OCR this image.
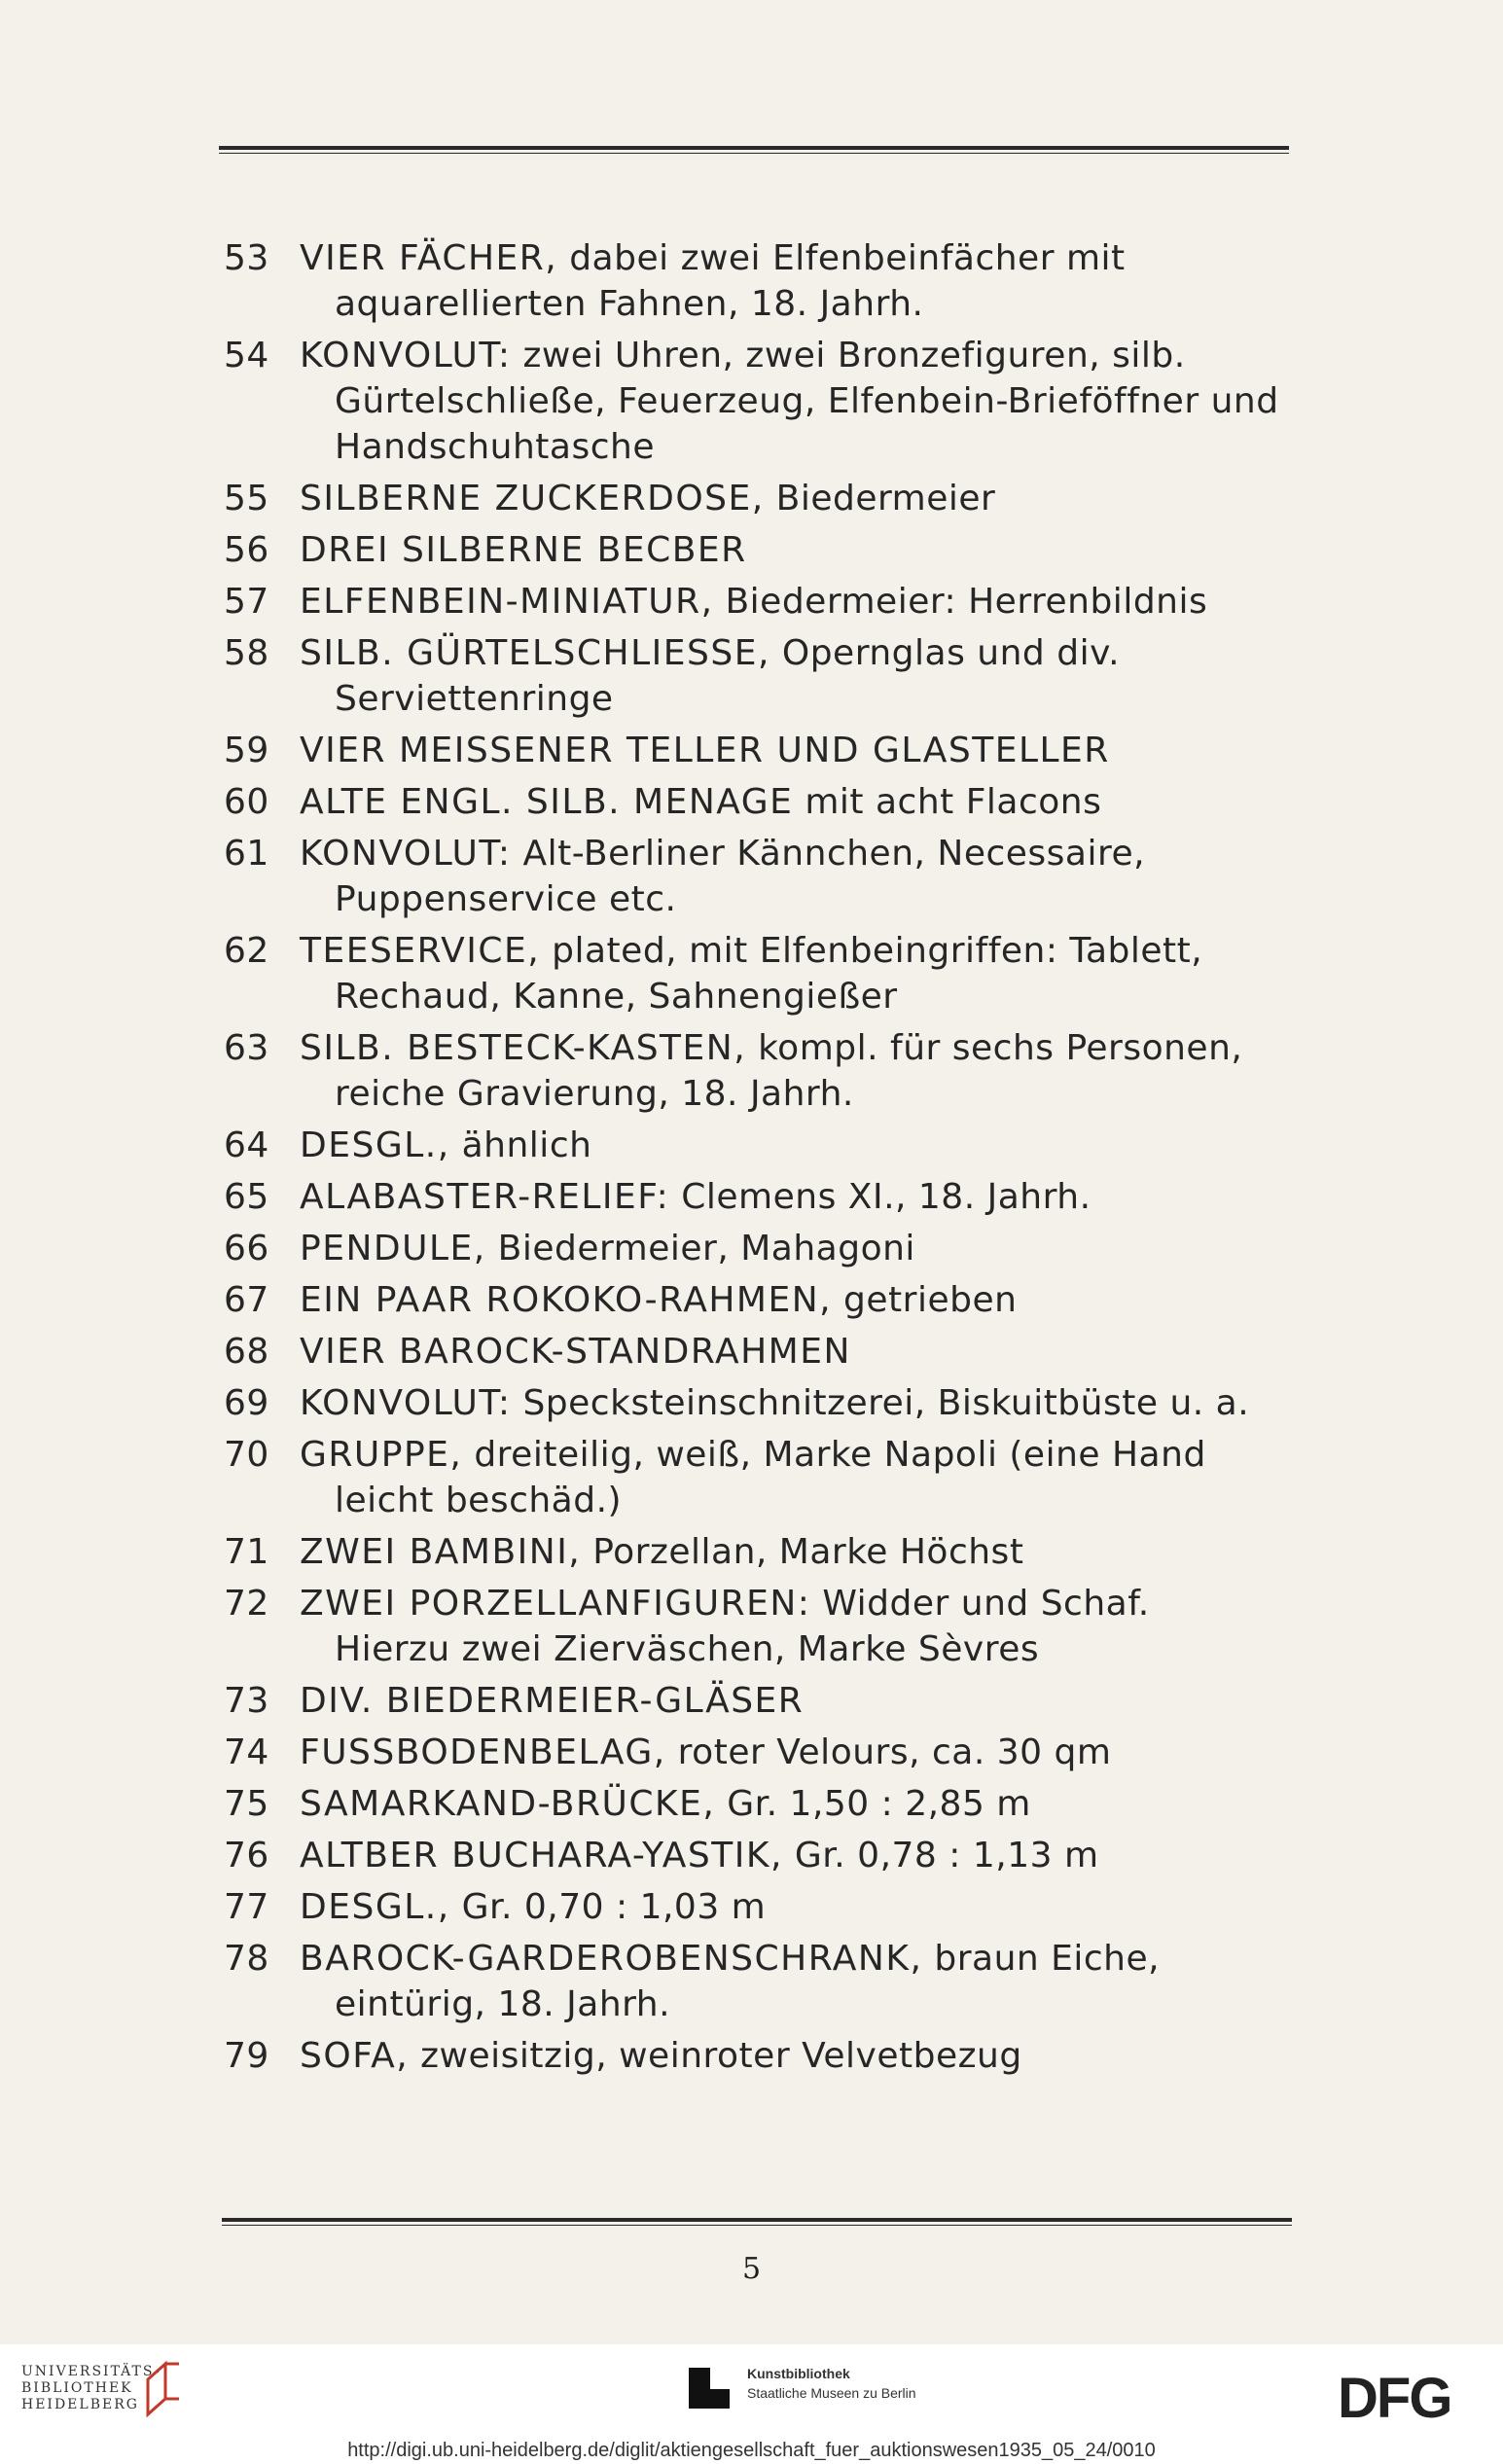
53 VIER FÄCHER, dabei zwei Elfenbeinfächer mit
aquarellierten Fahnen, 18. Jahrh.
54 KONVOLUT: zwei Uhren, zwei Bronzefiguren, silb.
Gürtelschließe, Feuerzeug, Elfenbein-Brieföffner und
Handschuhtasche
55 SILBERNE ZUCKERDOSE, Biedermeier
56 DREI SILBERNE BECBER
57 ELFENBEIN-MINIATUR, Biedermeier: Herrenbildnis
58 SILB. GÜRTELSCHLIESSE, Opernglas und div.
Serviettenringe
59 VIER MEISSENER TELLER UND GLASTELLER
60 ALTE ENGL. SILB. MENAGE mit acht Flacons
61 KONVOLUT: Alt-Berliner Kännchen, Necessaire,
Puppenservice etc.
62 TEESERVICE, plated, mit Elfenbeingriffen: Tablett,
Rechaud, Kanne, Sahnengießer
63 SILB. BESTECK-KASTEN, kompl. für sechs Personen,
reiche Gravierung, 18. Jahrh.
64 DESGL., ähnlich
65 ALABASTER-RELIEF: Clemens XI., 18. Jahrh.
66 PENDULE, Biedermeier, Mahagoni
67 EIN PAAR ROKOKO-RAHMEN, getrieben
68 VIER BAROCK-STANDRAHMEN
69 KONVOLUT: Specksteinschnitzerei, Biskuitbüste u. a.
70 GRUPPE, dreiteilig, weiß, Marke Napoli (eine Hand
leicht beschäd.)
71 ZWEI BAMBINI, Porzellan, Marke Höchst
72 ZWEI PORZELLANFIGUREN: Widder und Schaf.
Hierzu zwei Zierväschen, Marke Sèvres
73 DIV. BIEDERMEIER-GLÄSER
74 FUSSBODENBELAG, roter Velours, ca. 30 qm
75 SAMARKAND-BRÜCKE, Gr. 1,50 : 2,85 m
76 ALTBER BUCHARA-YASTIK, Gr. 0,78 : 1,13 m
77 DESGL., Gr. 0,70 : 1,03 m
78 BAROCK-GARDEROBENSCHRANK, braun Eiche,
eintürig, 18. Jahrh.
79 SOFA, zweisitzig, weinroter Velvetbezug
5
UNIVERSITÄTS-
BIBLIOTHEK
HEIDELBERG
Kunstbibliothek
Staatliche Museen zu Berlin	DFG
http://digi.ub.uni-heidelberg.de/diglit/aktiengesellschaft_fuer_auktionswesen1935_05_24/0010
